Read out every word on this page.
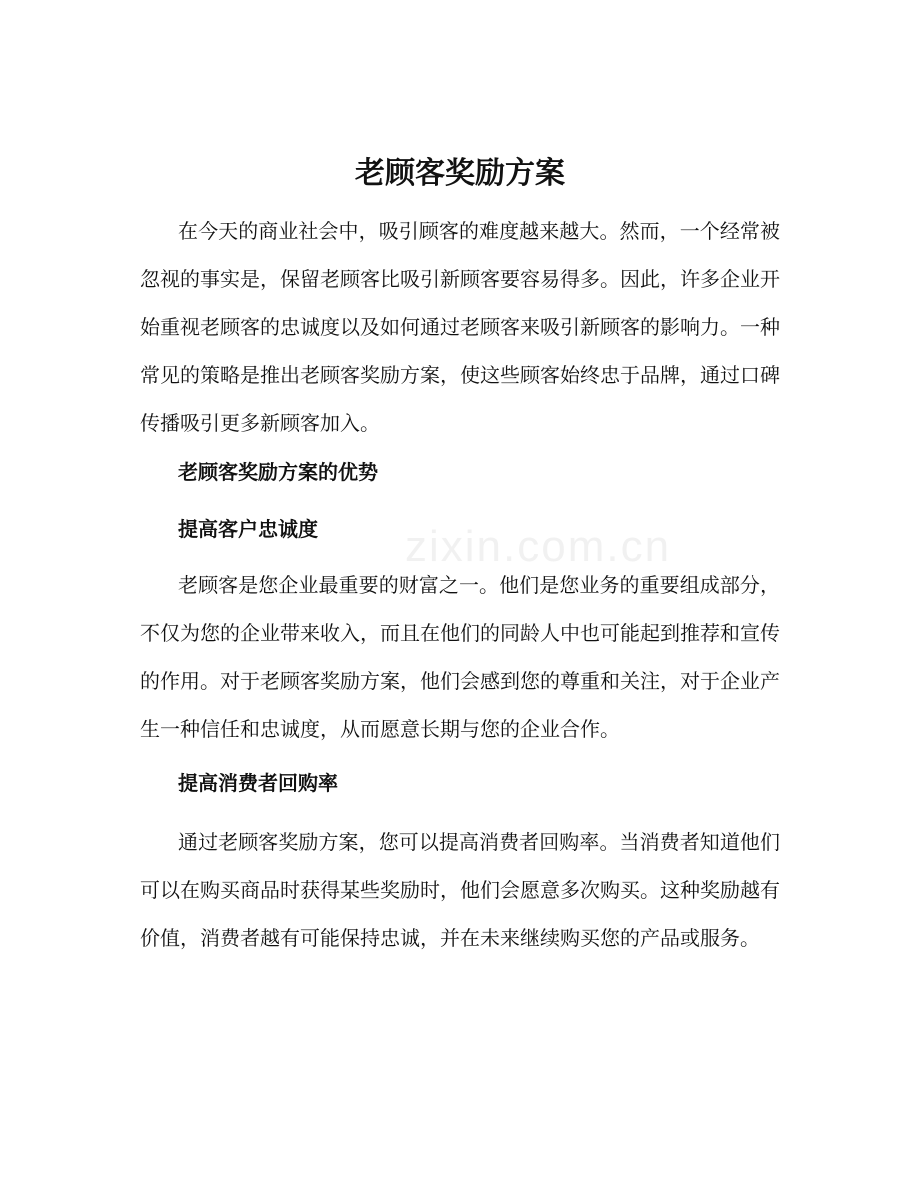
zixin.com.cn
老顾客奖励方案

在今天的商业社会中，吸引顾客的难度越来越大。然而，一个经常被忽视的事实是，保留老顾客比吸引新顾客要容易得多。因此，许多企业开始重视老顾客的忠诚度以及如何通过老顾客来吸引新顾客的影响力。一种常见的策略是推出老顾客奖励方案，使这些顾客始终忠于品牌，通过口碑传播吸引更多新顾客加入。

老顾客奖励方案的优势
提高客户忠诚度

老顾客是您企业最重要的财富之一。他们是您业务的重要组成部分，不仅为您的企业带来收入，而且在他们的同龄人中也可能起到推荐和宣传的作用。对于老顾客奖励方案，他们会感到您的尊重和关注，对于企业产生一种信任和忠诚度，从而愿意长期与您的企业合作。

提高消费者回购率

通过老顾客奖励方案，您可以提高消费者回购率。当消费者知道他们可以在购买商品时获得某些奖励时，他们会愿意多次购买。这种奖励越有价值，消费者越有可能保持忠诚，并在未来继续购买您的产品或服务。
